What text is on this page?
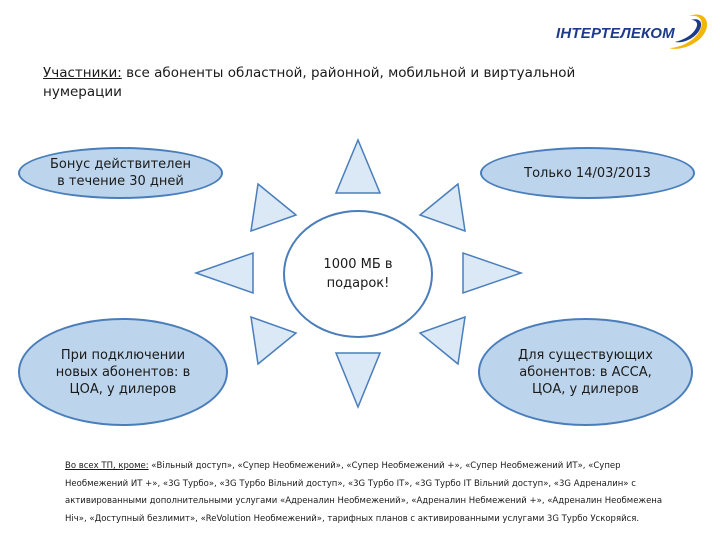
ІНТЕРТЕЛЕКОМ
Участники: все абоненты областной, районной, мобильной и виртуальной нумерации
1000 МБ в подарок!
Бонус действителен в течение 30 дней
Только 14/03/2013
При подключении новых абонентов: в ЦОА, у дилеров
Для существующих абонентов: в АССА, ЦОА, у дилеров
Во всех ТП, кроме: «Вільный доступ», «Супер Необмежений», «Супер Необмежений +», «Супер Необмежений ИТ», «Супер Необмежений ИТ +», «3G Турбо», «3G Турбо Вільний доступ», «3G Турбо ІТ», «3G Турбо ІТ Вільний доступ», «3G Адреналин» с активированными дополнительными услугами «Адреналин Необмежений», «Адреналин Небмежений +», «Адреналин Необмежена Ніч», «Доступный безлимит», «ReVolution Необмежений», тарифных планов с активированными услугами 3G Турбо Ускоряйся.
